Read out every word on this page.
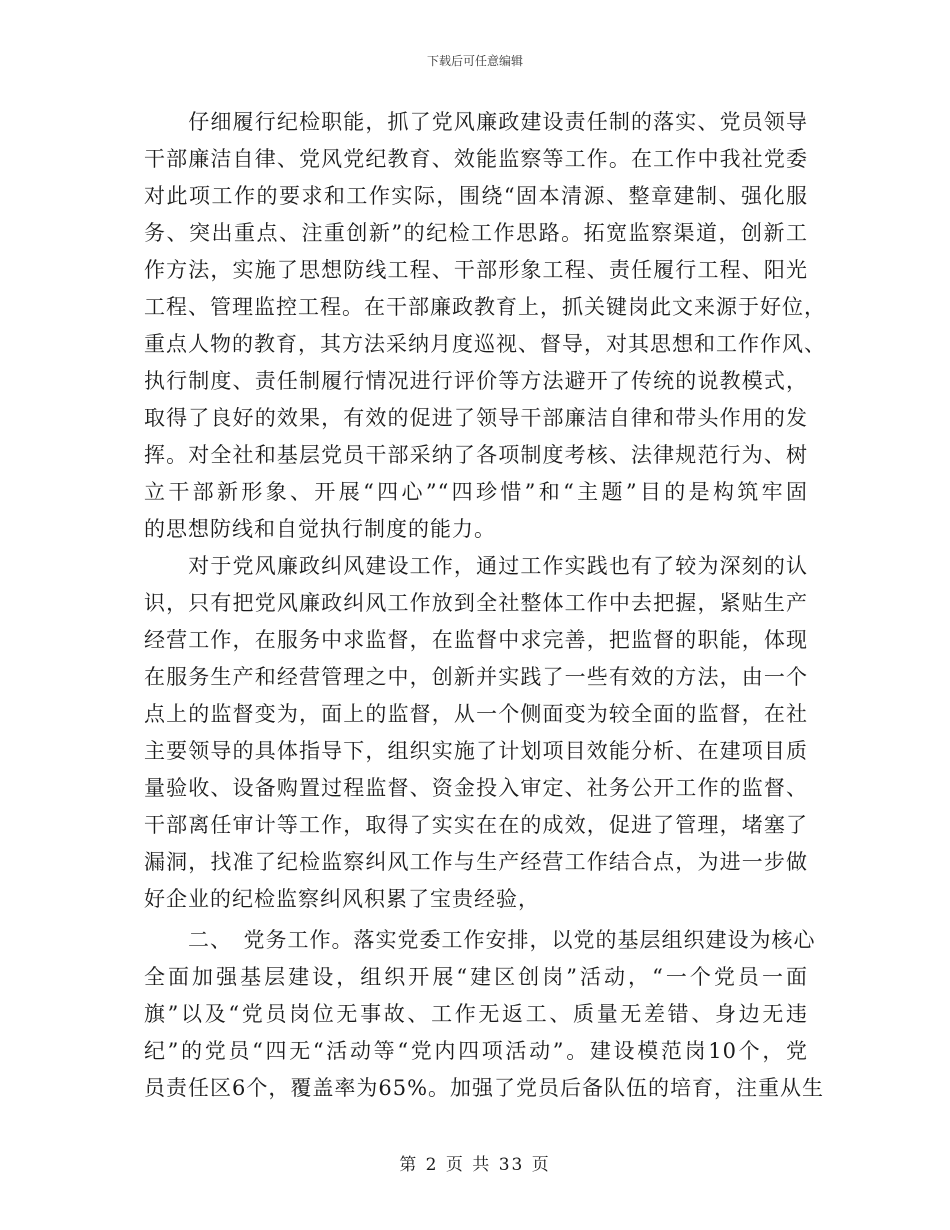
下载后可任意编辑
　　仔细履行纪检职能，抓了党风廉政建设责任制的落实、党员领导
干部廉洁自律、党风党纪教育、效能监察等工作。在工作中我社党委
对此项工作的要求和工作实际，围绕“固本清源、整章建制、强化服
务、突出重点、注重创新”的纪检工作思路。拓宽监察渠道，创新工
作方法，实施了思想防线工程、干部形象工程、责任履行工程、阳光
工程、管理监控工程。在干部廉政教育上，抓关键岗此文来源于好位，
重点人物的教育，其方法采纳月度巡视、督导，对其思想和工作作风、
执行制度、责任制履行情况进行评价等方法避开了传统的说教模式，
取得了良好的效果，有效的促进了领导干部廉洁自律和带头作用的发
挥。对全社和基层党员干部采纳了各项制度考核、法律规范行为、树
立干部新形象、开展“四心”“四珍惜”和“主题”目的是构筑牢固
的思想防线和自觉执行制度的能力。
　　对于党风廉政纠风建设工作，通过工作实践也有了较为深刻的认
识，只有把党风廉政纠风工作放到全社整体工作中去把握，紧贴生产
经营工作，在服务中求监督，在监督中求完善，把监督的职能，体现
在服务生产和经营管理之中，创新并实践了一些有效的方法，由一个
点上的监督变为，面上的监督，从一个侧面变为较全面的监督，在社
主要领导的具体指导下，组织实施了计划项目效能分析、在建项目质
量验收、设备购置过程监督、资金投入审定、社务公开工作的监督、
干部离任审计等工作，取得了实实在在的成效，促进了管理，堵塞了
漏洞，找准了纪检监察纠风工作与生产经营工作结合点，为进一步做
好企业的纪检监察纠风积累了宝贵经验，
　　二、　党务工作。落实党委工作安排，以党的基层组织建设为核心
全面加强基层建设，组织开展“建区创岗”活动，“一个党员一面
旗”以及“党员岗位无事故、工作无返工、质量无差错、身边无违
纪”的党员“四无“活动等“党内四项活动”。建设模范岗10个，党
员责任区6个，覆盖率为65%。加强了党员后备队伍的培育，注重从生
第 2 页 共 33 页
